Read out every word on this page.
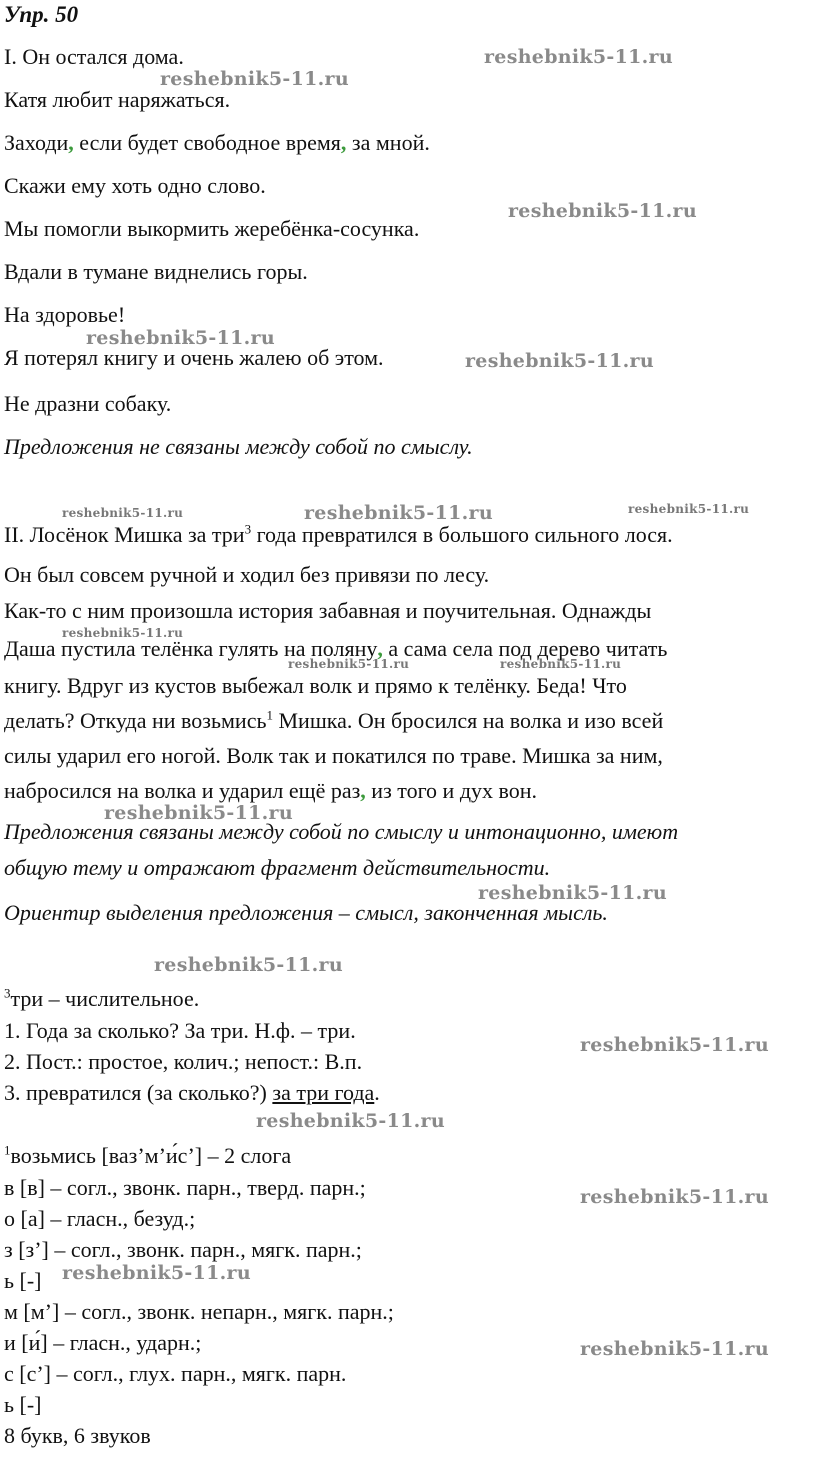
Упр. 50
I. Он остался дома.
Катя любит наряжаться.
Заходи, если будет свободное время, за мной.
Скажи ему хоть одно слово.
Мы помогли выкормить жеребёнка-сосунка.
Вдали в тумане виднелись горы.
На здоровье!
Я потерял книгу и очень жалею об этом.
Не дразни собаку.
Предложения не связаны между собой по смыслу.
II. Лосёнок Мишка за три$^3$ года превратился в большого сильного лося.
Он был совсем ручной и ходил без привязи по лесу.
Как-то с ним произошла история забавная и поучительная. Однажды
Даша пустила телёнка гулять на поляну, а сама села под дерево читать
книгу. Вдруг из кустов выбежал волк и прямо к телёнку. Беда! Что
делать? Откуда ни возьмись$^1$ Мишка. Он бросился на волка и изо всей
силы ударил его ногой. Волк так и покатился по траве. Мишка за ним,
набросился на волка и ударил ещё раз, из того и дух вон.
Предложения связаны между собой по смыслу и интонационно, имеют
общую тему и отражают фрагмент действительности.
Ориентир выделения предложения – смысл, законченная мысль.
$^3$три – числительное.
1. Года за сколько? За три. Н.ф. – три.
2. Пост.: простое, колич.; непост.: В.п.
3. превратился (за сколько?) за три года.
$^1$возьмись [ваз’м’и́с’] – 2 слога
в [в] – согл., звонк. парн., тверд. парн.;
о [а] – гласн., безуд.;
з [з’] – согл., звонк. парн., мягк. парн.;
ь [-]
м [м’] – согл., звонк. непарн., мягк. парн.;
и [и́] – гласн., ударн.;
с [с’] – согл., глух. парн., мягк. парн.
ь [-]
8 букв, 6 звуков
reshebnik5-11.ru
reshebnik5-11.ru
reshebnik5-11.ru
reshebnik5-11.ru
reshebnik5-11.ru
reshebnik5-11.ru	reshebnik5-11.ru	reshebnik5-11.ru
reshebnik5-11.ru
reshebnik5-11.ru	reshebnik5-11.ru
reshebnik5-11.ru
reshebnik5-11.ru
reshebnik5-11.ru
reshebnik5-11.ru
reshebnik5-11.ru
reshebnik5-11.ru
reshebnik5-11.ru
reshebnik5-11.ru
